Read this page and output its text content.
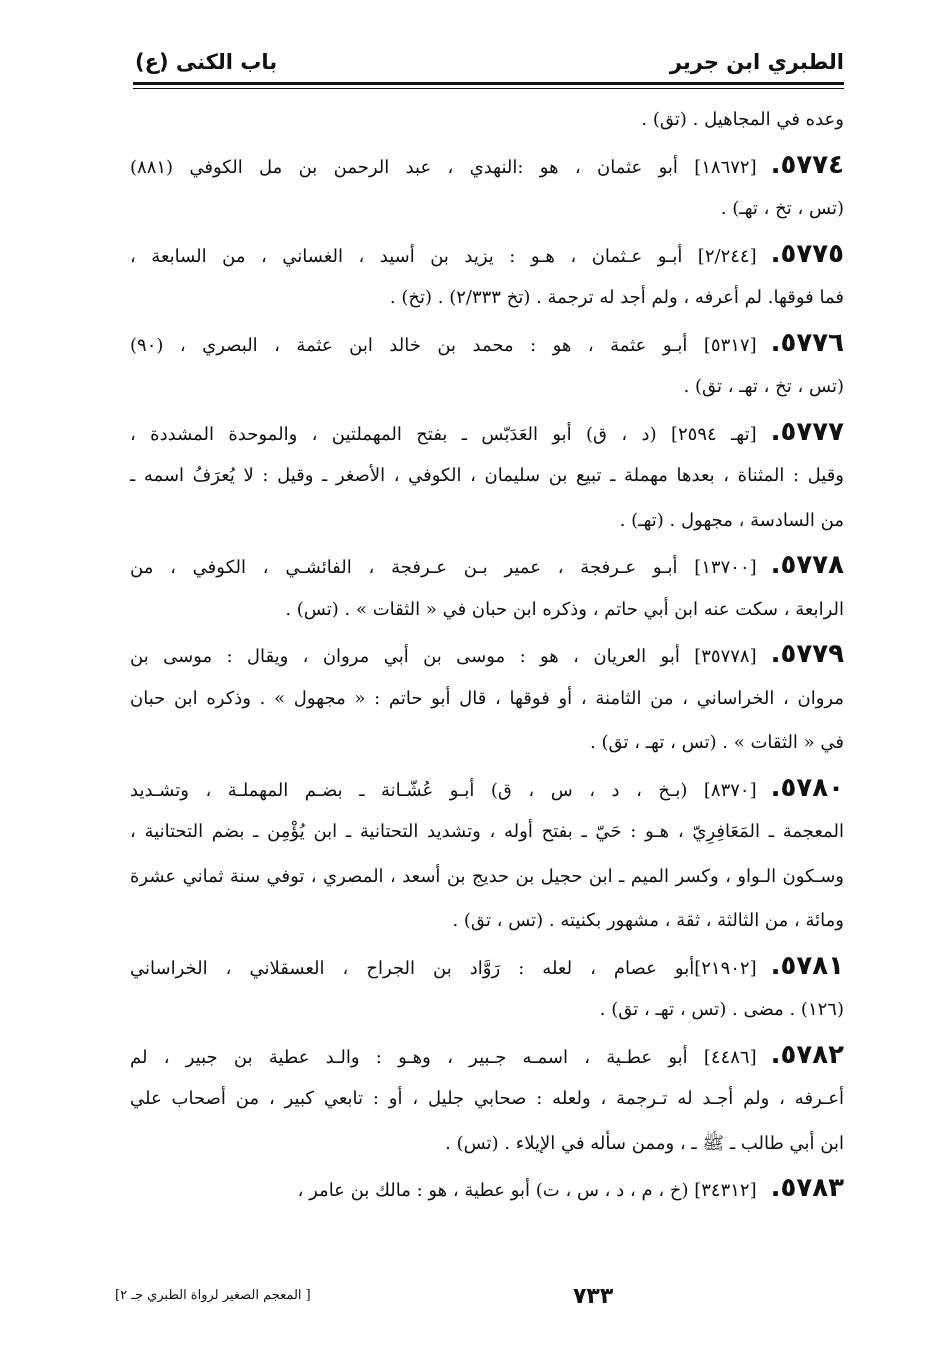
الطبري ابن جرير
باب الكنى (ع)
وعده في المجاهيل . (تق) .
٥٧٧٤.[١٨٦٧٢] أبو عثمان ، هو :النهدي ، عبد الرحمن بن مل الكوفي (٨٨١)
(تس ، تخ ، تهـ) .
٥٧٧٥.[٢/٢٤٤] أبـو عـثمان ، هـو : يزيد بن أسيد ، الغساني ، من السابعة ،
فما فوقها. لم أعرفه ، ولم أجد له ترجمة . (تخ ٢/٣٣٣) . (تخ) .
٥٧٧٦.[٥٣١٧] أبـو عثمة ، هو : محمد بن خالد ابن عثمة ، البصري ، (٩٠)
(تس ، تخ ، تهـ ، تق) .
٥٧٧٧.[تهـ ٢٥٩٤] (د ، ق) أبو العَدَبّس ـ بفتح المهملتين ، والموحدة المشددة ،
وقيل : المثناة ، بعدها مهملة ـ تبيع بن سليمان ، الكوفي ، الأصغر ـ وقيل : لا يُعرَفُ اسمه ـ
من السادسة ، مجهول . (تهـ) .
٥٧٧٨.[١٣٧٠٠] أبـو عـرفجة ، عمير بـن عـرفجة ، الفائشـي ، الكوفي ، من
الرابعة ، سكت عنه ابن أبي حاتم ، وذكره ابن حبان في « الثقات » . (تس) .
٥٧٧٩.[٣٥٧٧٨] أبو العريان ، هو : موسى بن أبي مروان ، ويقال : موسى بن
مروان ، الخراساني ، من الثامنة ، أو فوقها ، قال أبو حاتم : « مجهول » . وذكره ابن حبان
في « الثقات » . (تس ، تهـ ، تق) .
٥٧٨٠.[٨٣٧٠] (بـخ ، د ، س ، ق) أبـو عُشّـانة ـ بضـم المهملـة ، وتشـديد
المعجمة ـ المَعَافِرِيّ ، هـو : حَيّ ـ بفتح أوله ، وتشديد التحتانية ـ ابن يُؤْمِن ـ بضم التحتانية ،
وسـكون الـواو ، وكسر الميم ـ ابن حجيل بن حديج بن أسعد ، المصري ، توفي سنة ثماني عشرة
ومائة ، من الثالثة ، ثقة ، مشهور بكنيته . (تس ، تق) .
٥٧٨١.[٢١٩٠٢]أبو عصام ، لعله : رَوَّاد بن الجراح ، العسقلاني ، الخراساني
(١٢٦) . مضى . (تس ، تهـ ، تق) .
٥٧٨٢.[٤٤٨٦] أبو عطـية ، اسمـه جـبير ، وهـو : والـد عطية بن جبير ، لم
أعـرفه ، ولم أجـد له تـرجمة ، ولعله : صحابي جليل ، أو : تابعي كبير ، من أصحاب علي
ابن أبي طالب ـ ﷺ ـ ، وممن سأله في الإيلاء . (تس) .
٥٧٨٣.[٣٤٣١٢] (خ ، م ، د ، س ، ت) أبو عطية ، هو : مالك بن عامر ،
[ المعجم الصغير لرواة الطبري جـ ٢]	٧٣٣
